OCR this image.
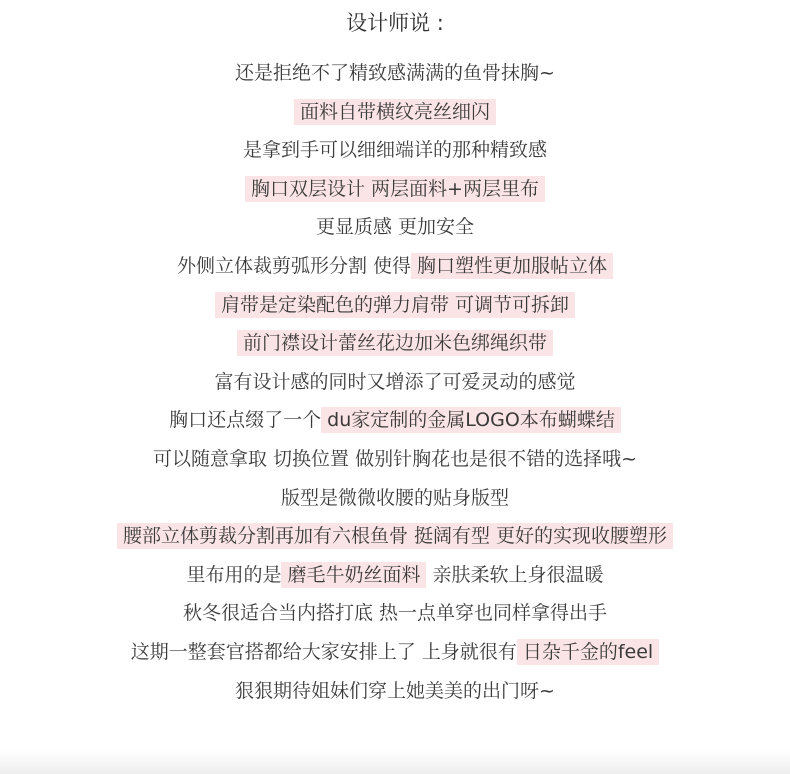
设计师说 :
还是拒绝不了精致感满满的鱼骨抹胸~
面料自带横纹亮丝细闪
是拿到手可以细细端详的那种精致感
胸口双层设计 两层面料+两层里布
更显质感 更加安全
外侧立体裁剪弧形分割 使得 胸口塑性更加服帖立体
肩带是定染配色的弹力肩带 可调节可拆卸
前门襟设计蕾丝花边加米色绑绳织带
富有设计感的同时又增添了可爱灵动的感觉
胸口还点缀了一个 du家定制的金属LOGO本布蝴蝶结
可以随意拿取 切换位置 做别针胸花也是很不错的选择哦~
版型是微微收腰的贴身版型
腰部立体剪裁分割再加有六根鱼骨 挺阔有型 更好的实现收腰塑形
里布用的是 磨毛牛奶丝面料 亲肤柔软上身很温暖
秋冬很适合当内搭打底 热一点单穿也同样拿得出手
这期一整套官搭都给大家安排上了 上身就很有 日杂千金的feel
狠狠期待姐妹们穿上她美美的出门呀~
